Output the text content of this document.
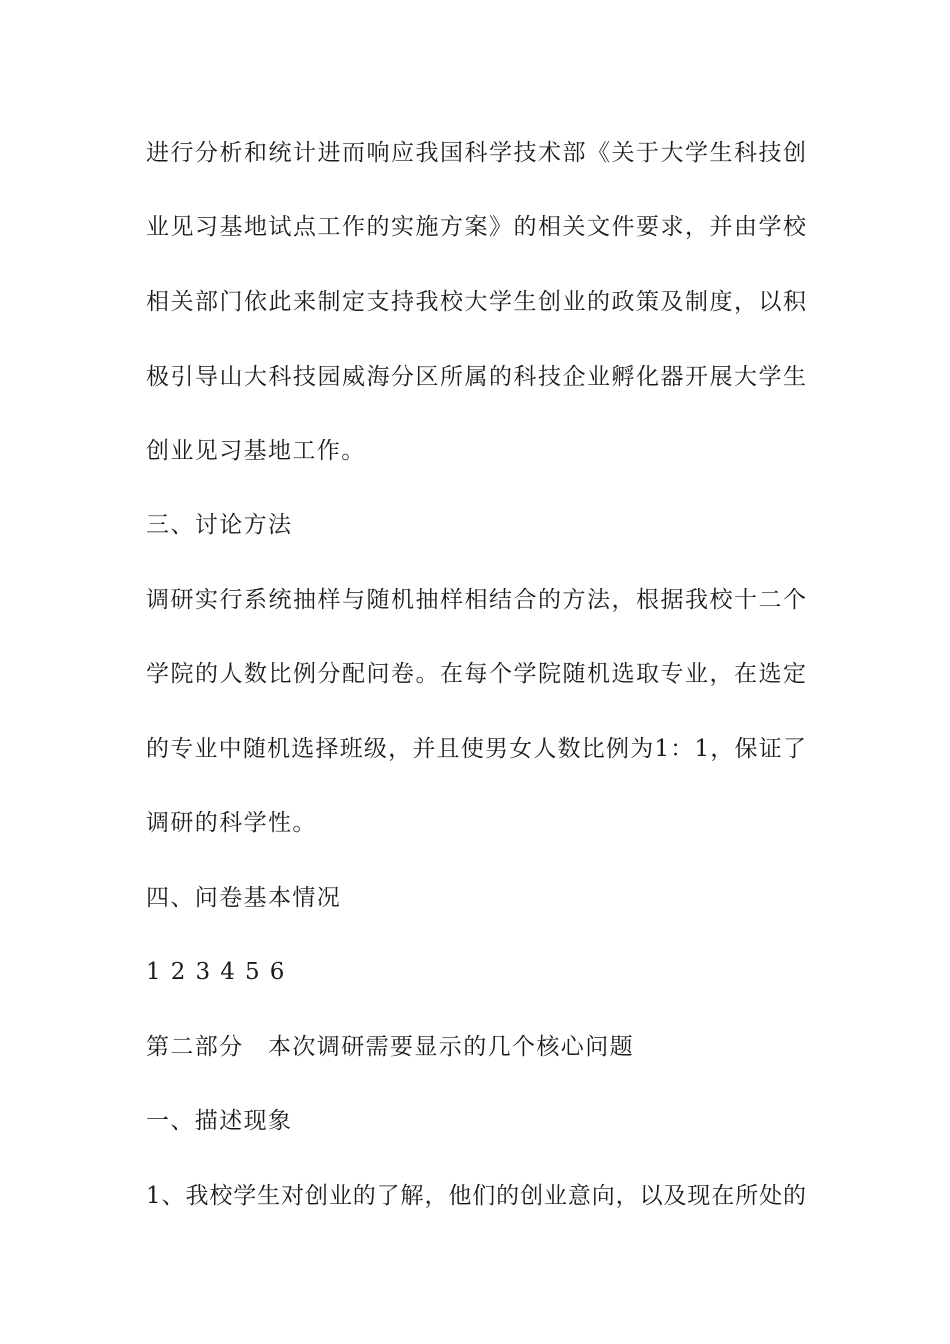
进行分析和统计进而响应我国科学技术部《关于大学生科技创
业见习基地试点工作的实施方案》的相关文件要求，并由学校
相关部门依此来制定支持我校大学生创业的政策及制度，以积
极引导山大科技园威海分区所属的科技企业孵化器开展大学生
创业见习基地工作。
三、讨论方法
调研实行系统抽样与随机抽样相结合的方法，根据我校十二个
学院的人数比例分配问卷。在每个学院随机选取专业，在选定
的专业中随机选择班级，并且使男女人数比例为1：1，保证了
调研的科学性。
四、问卷基本情况
1 2 3 4 5 6
第二部分　本次调研需要显示的几个核心问题
一、描述现象
1、我校学生对创业的了解，他们的创业意向，以及现在所处的
